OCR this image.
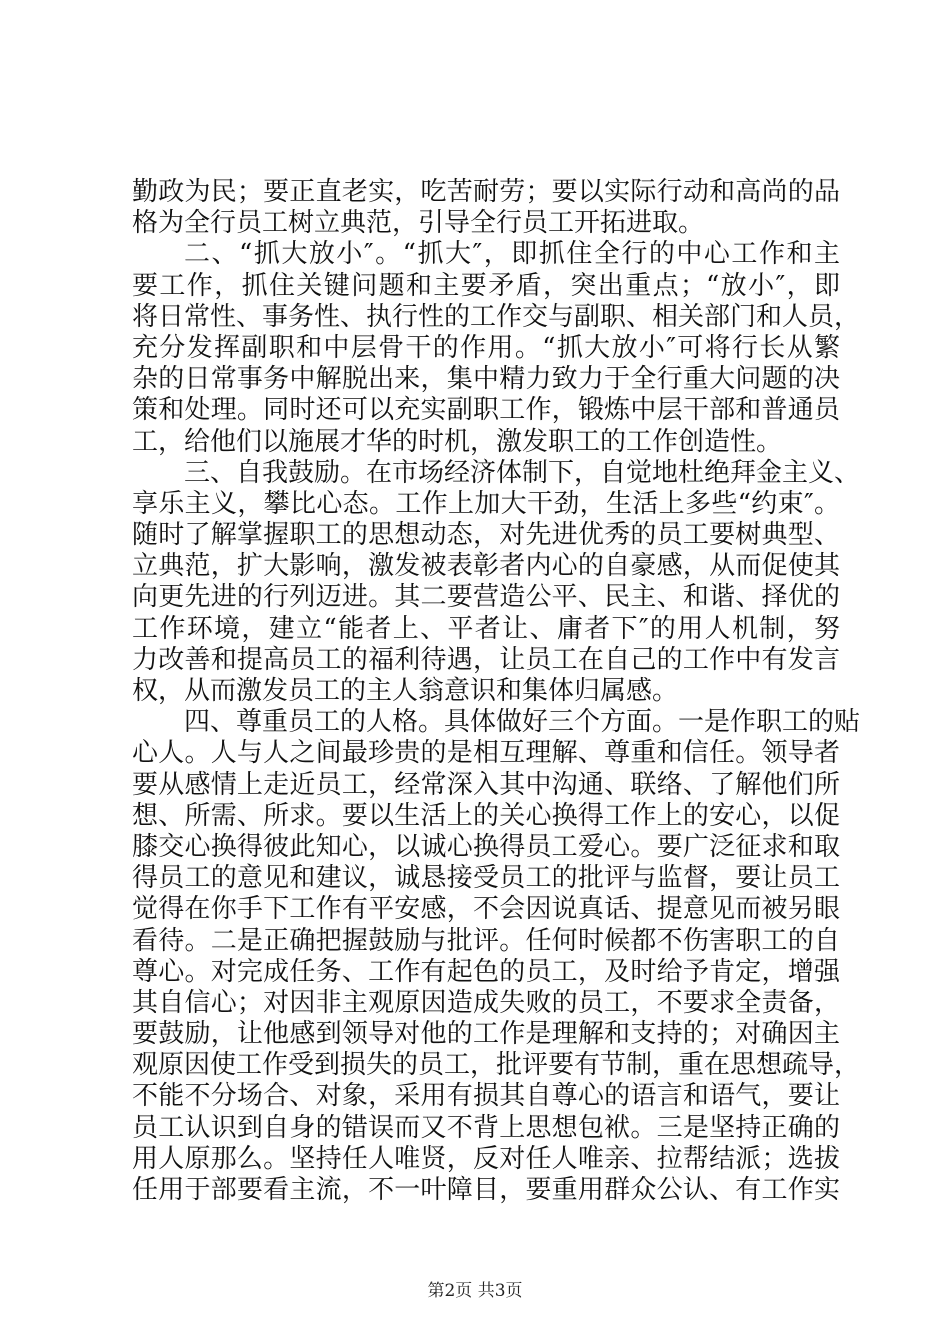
勤政为民；要正直老实，吃苦耐劳；要以实际行动和高尚的品
格为全行员工树立典范，引导全行员工开拓进取。
二、“抓大放小″。“抓大″，即抓住全行的中心工作和主
要工作，抓住关键问题和主要矛盾，突出重点；“放小″，即
将日常性、事务性、执行性的工作交与副职、相关部门和人员，
充分发挥副职和中层骨干的作用。“抓大放小″可将行长从繁
杂的日常事务中解脱出来，集中精力致力于全行重大问题的决
策和处理。同时还可以充实副职工作，锻炼中层干部和普通员
工，给他们以施展才华的时机，激发职工的工作创造性。
三、自我鼓励。在市场经济体制下，自觉地杜绝拜金主义、
享乐主义，攀比心态。工作上加大干劲，生活上多些“约束″。
随时了解掌握职工的思想动态，对先进优秀的员工要树典型、
立典范，扩大影响，激发被表彰者内心的自豪感，从而促使其
向更先进的行列迈进。其二要营造公平、民主、和谐、择优的
工作环境，建立“能者上、平者让、庸者下″的用人机制，努
力改善和提高员工的福利待遇，让员工在自己的工作中有发言
权，从而激发员工的主人翁意识和集体归属感。
四、尊重员工的人格。具体做好三个方面。一是作职工的贴
心人。人与人之间最珍贵的是相互理解、尊重和信任。领导者
要从感情上走近员工，经常深入其中沟通、联络、了解他们所
想、所需、所求。要以生活上的关心换得工作上的安心，以促
膝交心换得彼此知心，以诚心换得员工爱心。要广泛征求和取
得员工的意见和建议，诚恳接受员工的批评与监督，要让员工
觉得在你手下工作有平安感，不会因说真话、提意见而被另眼
看待。二是正确把握鼓励与批评。任何时候都不伤害职工的自
尊心。对完成任务、工作有起色的员工，及时给予肯定，增强
其自信心；对因非主观原因造成失败的员工，不要求全责备，
要鼓励，让他感到领导对他的工作是理解和支持的；对确因主
观原因使工作受到损失的员工，批评要有节制，重在思想疏导，
第2页 共3页
不能不分场合、对象，采用有损其自尊心的语言和语气，要让
员工认识到自身的错误而又不背上思想包袱。三是坚持正确的
用人原那么。坚持任人唯贤，反对任人唯亲、拉帮结派；选拔
任用于部要看主流，不一叶障目，要重用群众公认、有工作实
